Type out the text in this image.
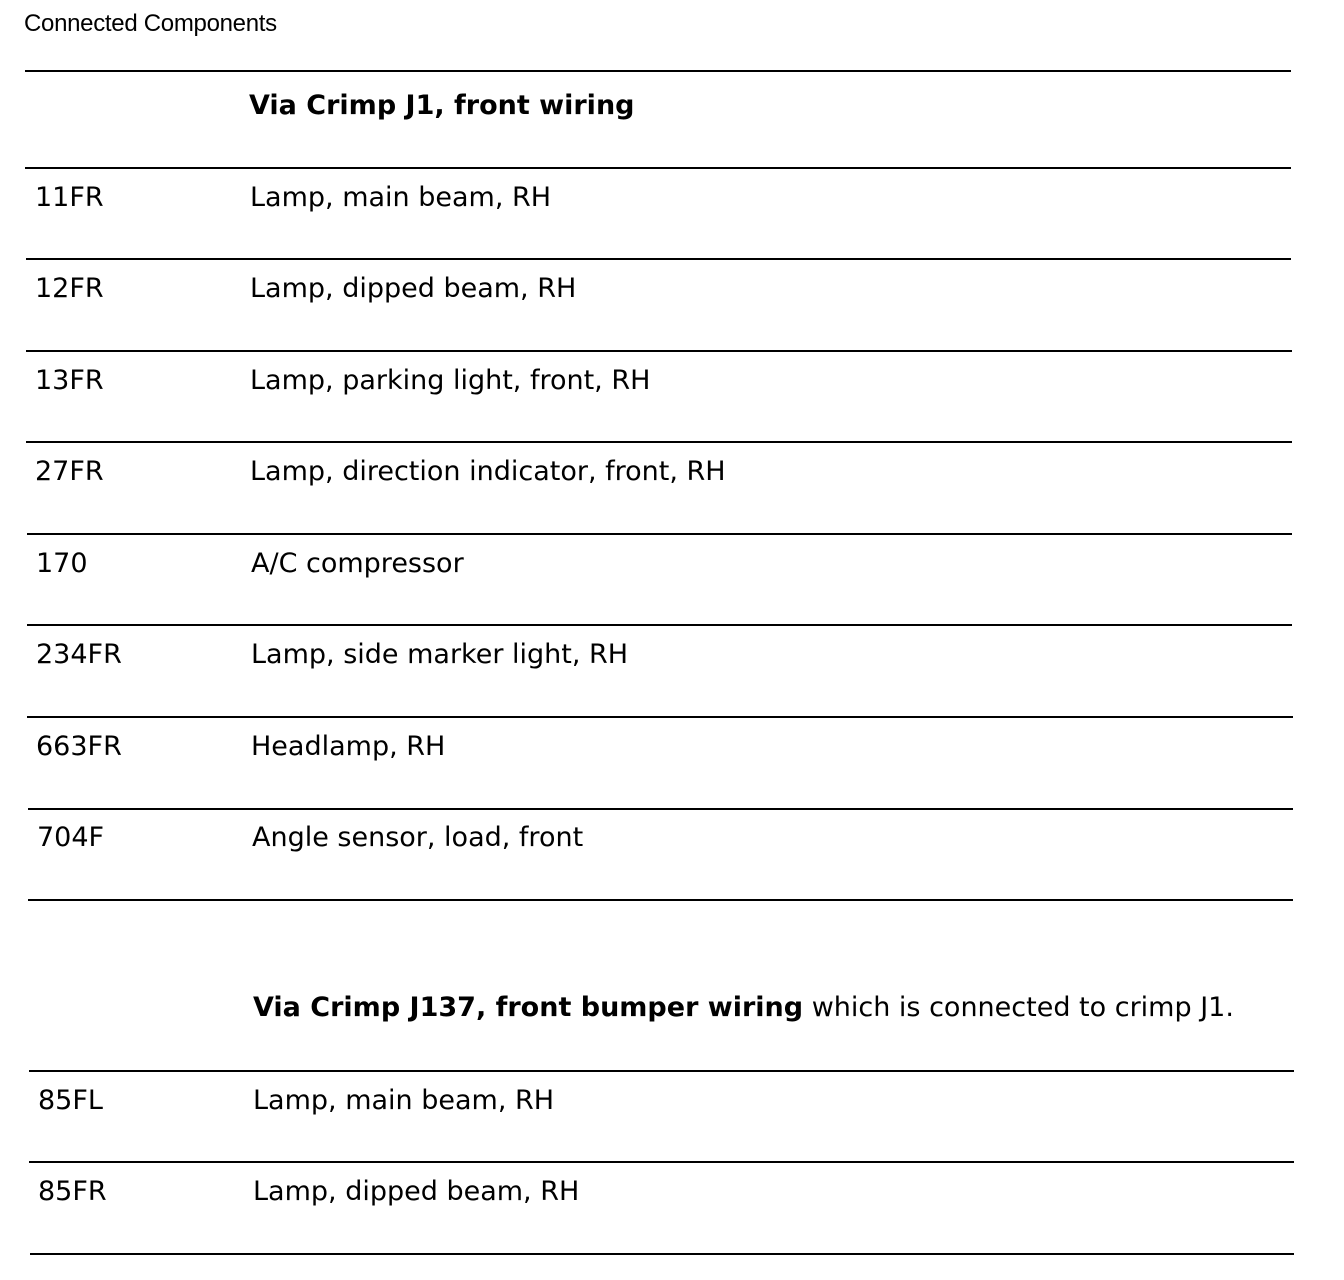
Connected Components
Via Crimp J1, front wiring
11FR	Lamp, main beam, RH
12FR	Lamp, dipped beam, RH
13FR	Lamp, parking light, front, RH
27FR	Lamp, direction indicator, front, RH
170	A/C compressor
234FR	Lamp, side marker light, RH
663FR	Headlamp, RH
704F	Angle sensor, load, front
Via Crimp J137, front bumper wiring which is connected to crimp J1.
85FL	Lamp, main beam, RH
85FR	Lamp, dipped beam, RH
